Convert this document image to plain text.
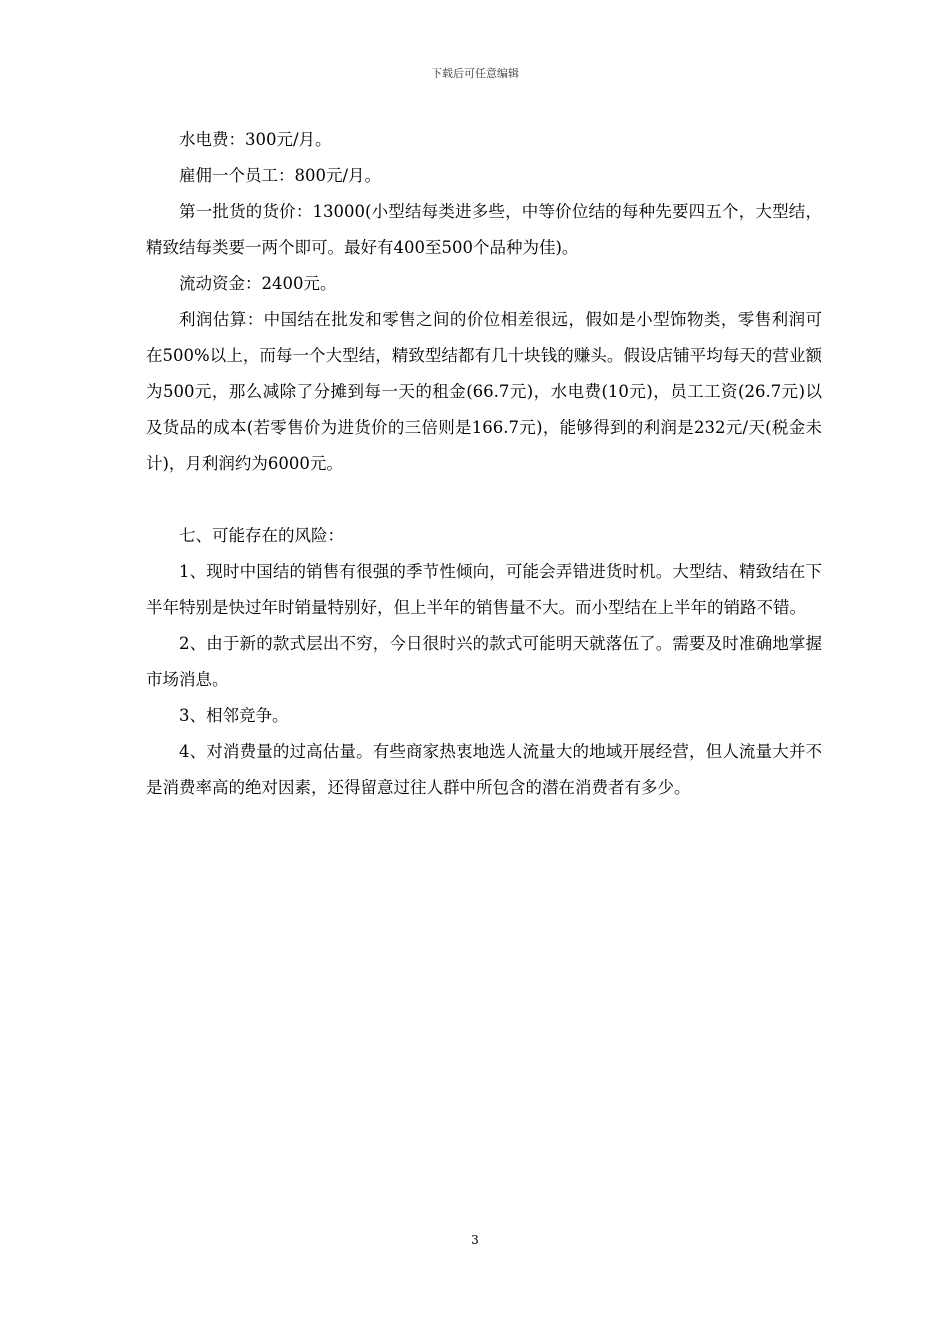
下载后可任意编辑

水电费：300元/月。

雇佣一个员工：800元/月。

第一批货的货价：13000(小型结每类进多些，中等价位结的每种先要四五个，大型结，精致结每类要一两个即可。最好有400至500个品种为佳)。

流动资金：2400元。

利润估算：中国结在批发和零售之间的价位相差很远，假如是小型饰物类，零售利润可在500%以上，而每一个大型结，精致型结都有几十块钱的赚头。假设店铺平均每天的营业额为500元，那么减除了分摊到每一天的租金(66.7元)，水电费(10元)，员工工资(26.7元)以及货品的成本(若零售价为进货价的三倍则是166.7元)，能够得到的利润是232元/天(税金未计)，月利润约为6000元。

七、可能存在的风险：

1、现时中国结的销售有很强的季节性倾向，可能会弄错进货时机。大型结、精致结在下半年特别是快过年时销量特别好，但上半年的销售量不大。而小型结在上半年的销路不错。

2、由于新的款式层出不穷，今日很时兴的款式可能明天就落伍了。需要及时准确地掌握市场消息。

3、相邻竞争。

4、对消费量的过高估量。有些商家热衷地选人流量大的地域开展经营，但人流量大并不是消费率高的绝对因素，还得留意过往人群中所包含的潜在消费者有多少。

3
